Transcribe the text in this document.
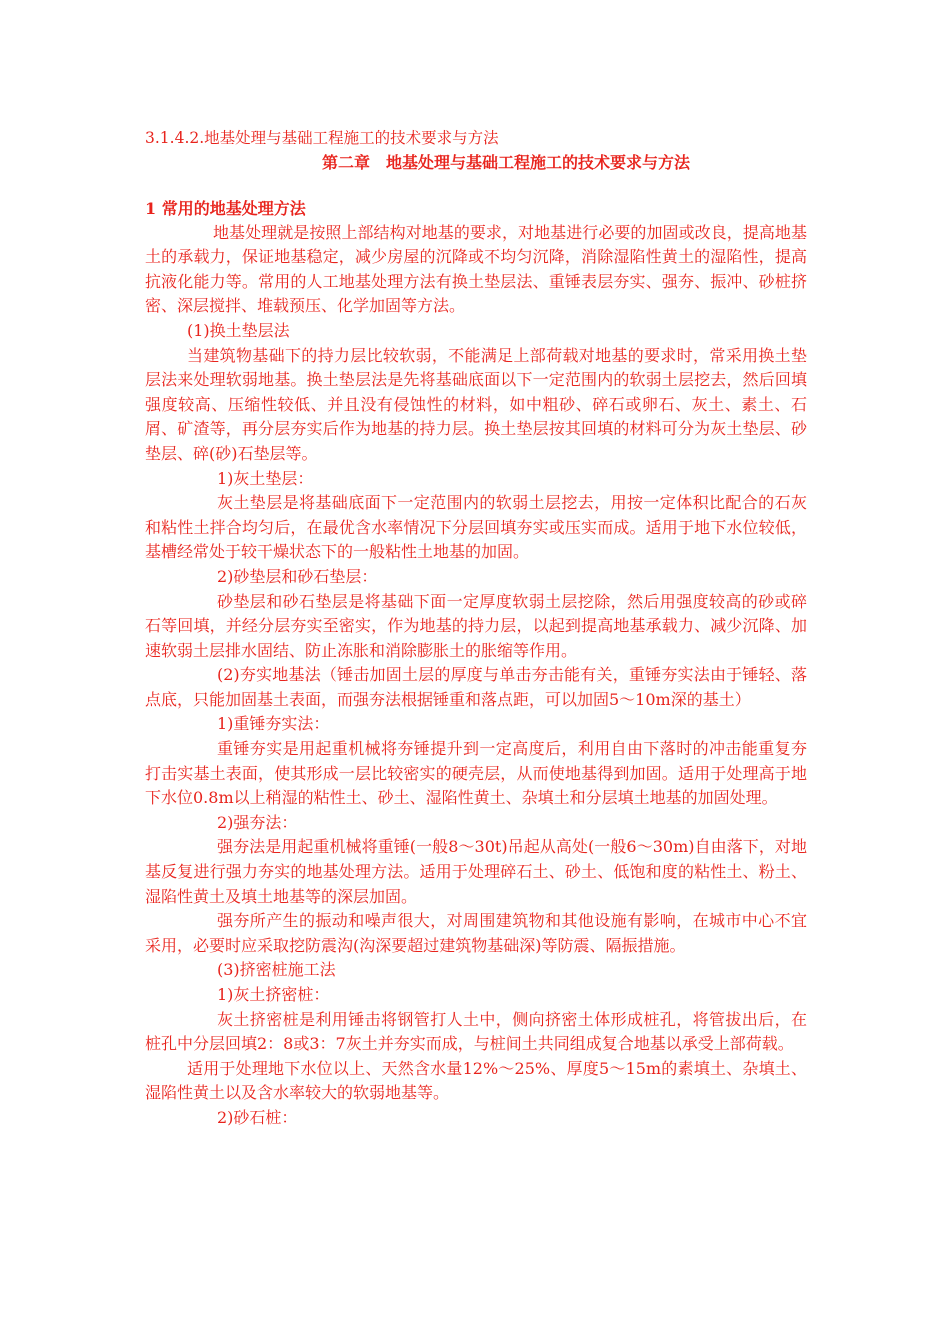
3.1.4.2.地基处理与基础工程施工的技术要求与方法

第二章　地基处理与基础工程施工的技术要求与方法

1 常用的地基处理方法

地基处理就是按照上部结构对地基的要求，对地基进行必要的加固或改良，提高地基土的承载力，保证地基稳定，减少房屋的沉降或不均匀沉降，消除湿陷性黄土的湿陷性，提高抗液化能力等。常用的人工地基处理方法有换土垫层法、重锤表层夯实、强夯、振冲、砂桩挤密、深层搅拌、堆载预压、化学加固等方法。

(1)换土垫层法

当建筑物基础下的持力层比较软弱，不能满足上部荷载对地基的要求时，常采用换土垫层法来处理软弱地基。换土垫层法是先将基础底面以下一定范围内的软弱土层挖去，然后回填强度较高、压缩性较低、并且没有侵蚀性的材料，如中粗砂、碎石或卵石、灰土、素土、石屑、矿渣等，再分层夯实后作为地基的持力层。换土垫层按其回填的材料可分为灰土垫层、砂垫层、碎(砂)石垫层等。

1)灰土垫层：

灰土垫层是将基础底面下一定范围内的软弱土层挖去，用按一定体积比配合的石灰和粘性土拌合均匀后，在最优含水率情况下分层回填夯实或压实而成。适用于地下水位较低，基槽经常处于较干燥状态下的一般粘性土地基的加固。

2)砂垫层和砂石垫层：

砂垫层和砂石垫层是将基础下面一定厚度软弱土层挖除，然后用强度较高的砂或碎石等回填，并经分层夯实至密实，作为地基的持力层，以起到提高地基承载力、减少沉降、加速软弱土层排水固结、防止冻胀和消除膨胀土的胀缩等作用。

(2)夯实地基法（锤击加固土层的厚度与单击夯击能有关，重锤夯实法由于锤轻、落点底，只能加固基土表面，而强夯法根据锤重和落点距，可以加固5～10m深的基土）

1)重锤夯实法：

重锤夯实是用起重机械将夯锤提升到一定高度后，利用自由下落时的冲击能重复夯打击实基土表面，使其形成一层比较密实的硬壳层，从而使地基得到加固。适用于处理高于地下水位0.8m以上稍湿的粘性土、砂土、湿陷性黄土、杂填土和分层填土地基的加固处理。

2)强夯法：

强夯法是用起重机械将重锤(一般8～30t)吊起从高处(一般6～30m)自由落下，对地基反复进行强力夯实的地基处理方法。适用于处理碎石土、砂土、低饱和度的粘性土、粉土、湿陷性黄土及填土地基等的深层加固。

强夯所产生的振动和噪声很大，对周围建筑物和其他设施有影响，在城市中心不宜采用，必要时应采取挖防震沟(沟深要超过建筑物基础深)等防震、隔振措施。

(3)挤密桩施工法

1)灰土挤密桩：

灰土挤密桩是利用锤击将钢管打人土中，侧向挤密土体形成桩孔，将管拔出后，在桩孔中分层回填2：8或3：7灰土并夯实而成，与桩间土共同组成复合地基以承受上部荷载。

适用于处理地下水位以上、天然含水量12%～25%、厚度5～15m的素填土、杂填土、湿陷性黄土以及含水率较大的软弱地基等。

2)砂石桩：
